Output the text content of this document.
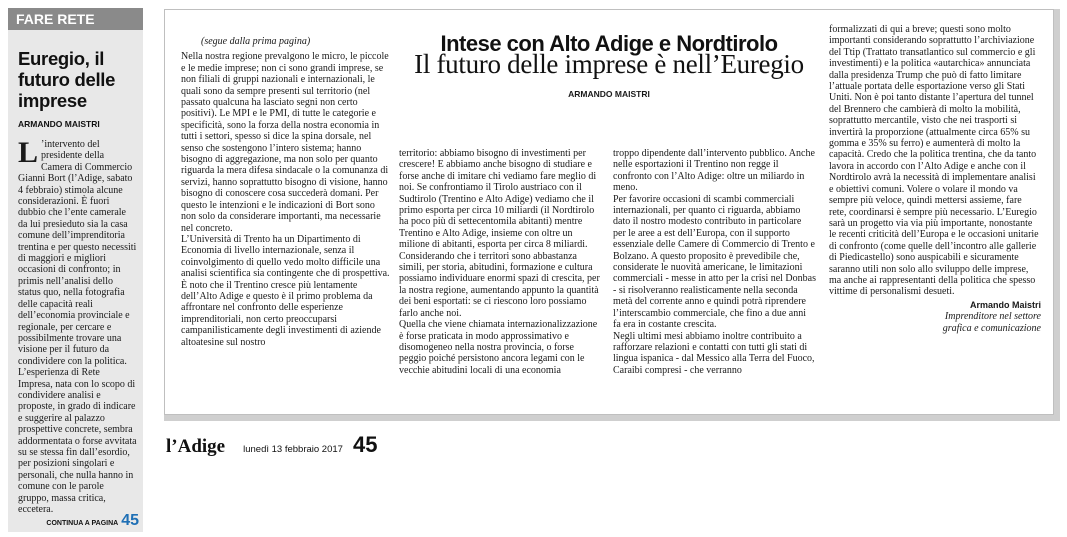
FARE RETE
Euregio, il futuro delle imprese
ARMANDO MAISTRI

L ’intervento del presidente della Camera di Commercio Gianni Bort (l’Adige, sabato 4 febbraio) stimola alcune considerazioni. È fuori dubbio che l’ente camerale da lui presieduto sia la casa comune dell’imprenditoria trentina e per questo necessiti di maggiori e migliori occasioni di confronto; in primis nell’analisi dello status quo, nella fotografia delle capacità reali dell’economia provinciale e regionale, per cercare e possibilmente trovare una visione per il futuro da condividere con la politica.

L’esperienza di Rete Impresa, nata con lo scopo di condividere analisi e proposte, in grado di indicare e suggerire al palazzo prospettive concrete, sembra addormentata o forse avvitata su se stessa fin dall’esordio, per posizioni singolari e personali, che nulla hanno in comune con le parole gruppo, massa critica, eccetera.

CONTINUA A PAGINA 45
(segue dalla prima pagina)

Nella nostra regione prevalgono le micro, le piccole e le medie imprese; non ci sono grandi imprese, se non filiali di gruppi nazionali e internazionali, le quali sono da sempre presenti sul territorio (nel passato qualcuna ha lasciato segni non certo positivi). Le MPI e le PMI, di tutte le categorie e specificità, sono la forza della nostra economia in tutti i settori, spesso si dice la spina dorsale, nel senso che sostengono l’intero sistema; hanno bisogno di aggregazione, ma non solo per quanto riguarda la mera difesa sindacale o la comunanza di servizi, hanno soprattutto bisogno di visione, hanno bisogno di conoscere cosa succederà domani. Per questo le intenzioni e le indicazioni di Bort sono non solo da considerare importanti, ma necessarie nel concreto.

L’Università di Trento ha un Dipartimento di Economia di livello internazionale, senza il coinvolgimento di quello vedo molto difficile una analisi scientifica sia contingente che di prospettiva. È noto che il Trentino cresce più lentamente dell’Alto Adige e questo è il primo problema da affrontare nel confronto delle esperienze imprenditoriali, non certo preoccuparsi campanilisticamente degli investimenti di aziende altoatesine sul nostro

Intese con Alto Adige e Nordtirolo
Il futuro delle imprese è nell’Euregio
ARMANDO MAISTRI

territorio: abbiamo bisogno di investimenti per crescere! E abbiamo anche bisogno di studiare e forse anche di imitare chi vediamo fare meglio di noi. Se confrontiamo il Tirolo austriaco con il Sudtirolo (Trentino e Alto Adige) vediamo che il primo esporta per circa 10 miliardi (il Nordtirolo ha poco più di settecentomila abitanti) mentre Trentino e Alto Adige, insieme con oltre un milione di abitanti, esporta per circa 8 miliardi. Considerando che i territori sono abbastanza simili, per storia, abitudini, formazione e cultura possiamo individuare enormi spazi di crescita, per la nostra regione, aumentando appunto la quantità dei beni esportati: se ci riescono loro possiamo farlo anche noi.

Quella che viene chiamata internazionalizzazione è forse praticata in modo approssimativo e disomogeneo nella nostra provincia, o forse peggio poiché persistono ancora legami con le vecchie abitudini locali di una economia

troppo dipendente dall’intervento pubblico. Anche nelle esportazioni il Trentino non regge il confronto con l’Alto Adige: oltre un miliardo in meno.

Per favorire occasioni di scambi commerciali internazionali, per quanto ci riguarda, abbiamo dato il nostro modesto contributo in particolare per le aree a est dell’Europa, con il supporto essenziale delle Camere di Commercio di Trento e Bolzano. A questo proposito è prevedibile che, considerate le nuovità americane, le limitazioni commerciali - messe in atto per la crisi nel Donbas - si risolveranno realisticamente nella seconda metà del corrente anno e quindi potrà riprendere l’interscambio commerciale, che fino a due anni fa era in costante crescita.

Negli ultimi mesi abbiamo inoltre contribuito a rafforzare relazioni e contatti con tutti gli stati di lingua ispanica - dal Messico alla Terra del Fuoco, Caraibi compresi - che verranno

formalizzati di qui a breve; questi sono molto importanti considerando soprattutto l’archiviazione del Ttip (Trattato transatlantico sul commercio e gli investimenti) e la politica «autarchica» annunciata dalla presidenza Trump che può di fatto limitare l’attuale portata delle esportazione verso gli Stati Uniti. Non è poi tanto distante l’apertura del tunnel del Brennero che cambierà di molto la mobilità, soprattutto mercantile, visto che nei trasporti si invertirà la proporzione (attualmente circa 65% su gomma e 35% su ferro) e aumenterà di molto la capacità. Credo che la politica trentina, che da tanto lavora in accordo con l’Alto Adige e anche con il Nordtirolo avrà la necessità di implementare analisi e obiettivi comuni. Volere o volare il mondo va sempre più veloce, quindi mettersi assieme, fare rete, coordinarsi è sempre più necessario. L’Euregio sarà un progetto via via più importante, nonostante le recenti criticità dell’Europa e le occasioni unitarie di confronto (come quelle dell’incontro alle gallerie di Piedicastello) sono auspicabili e sicuramente saranno utili non solo allo sviluppo delle imprese, ma anche ai rappresentanti della politica che spesso vittime di personalismi desueti.

Armando Maistri
Imprenditore nel settore
grafica e comunicazione
l’Adige lunedì 13 febbraio 2017 45
